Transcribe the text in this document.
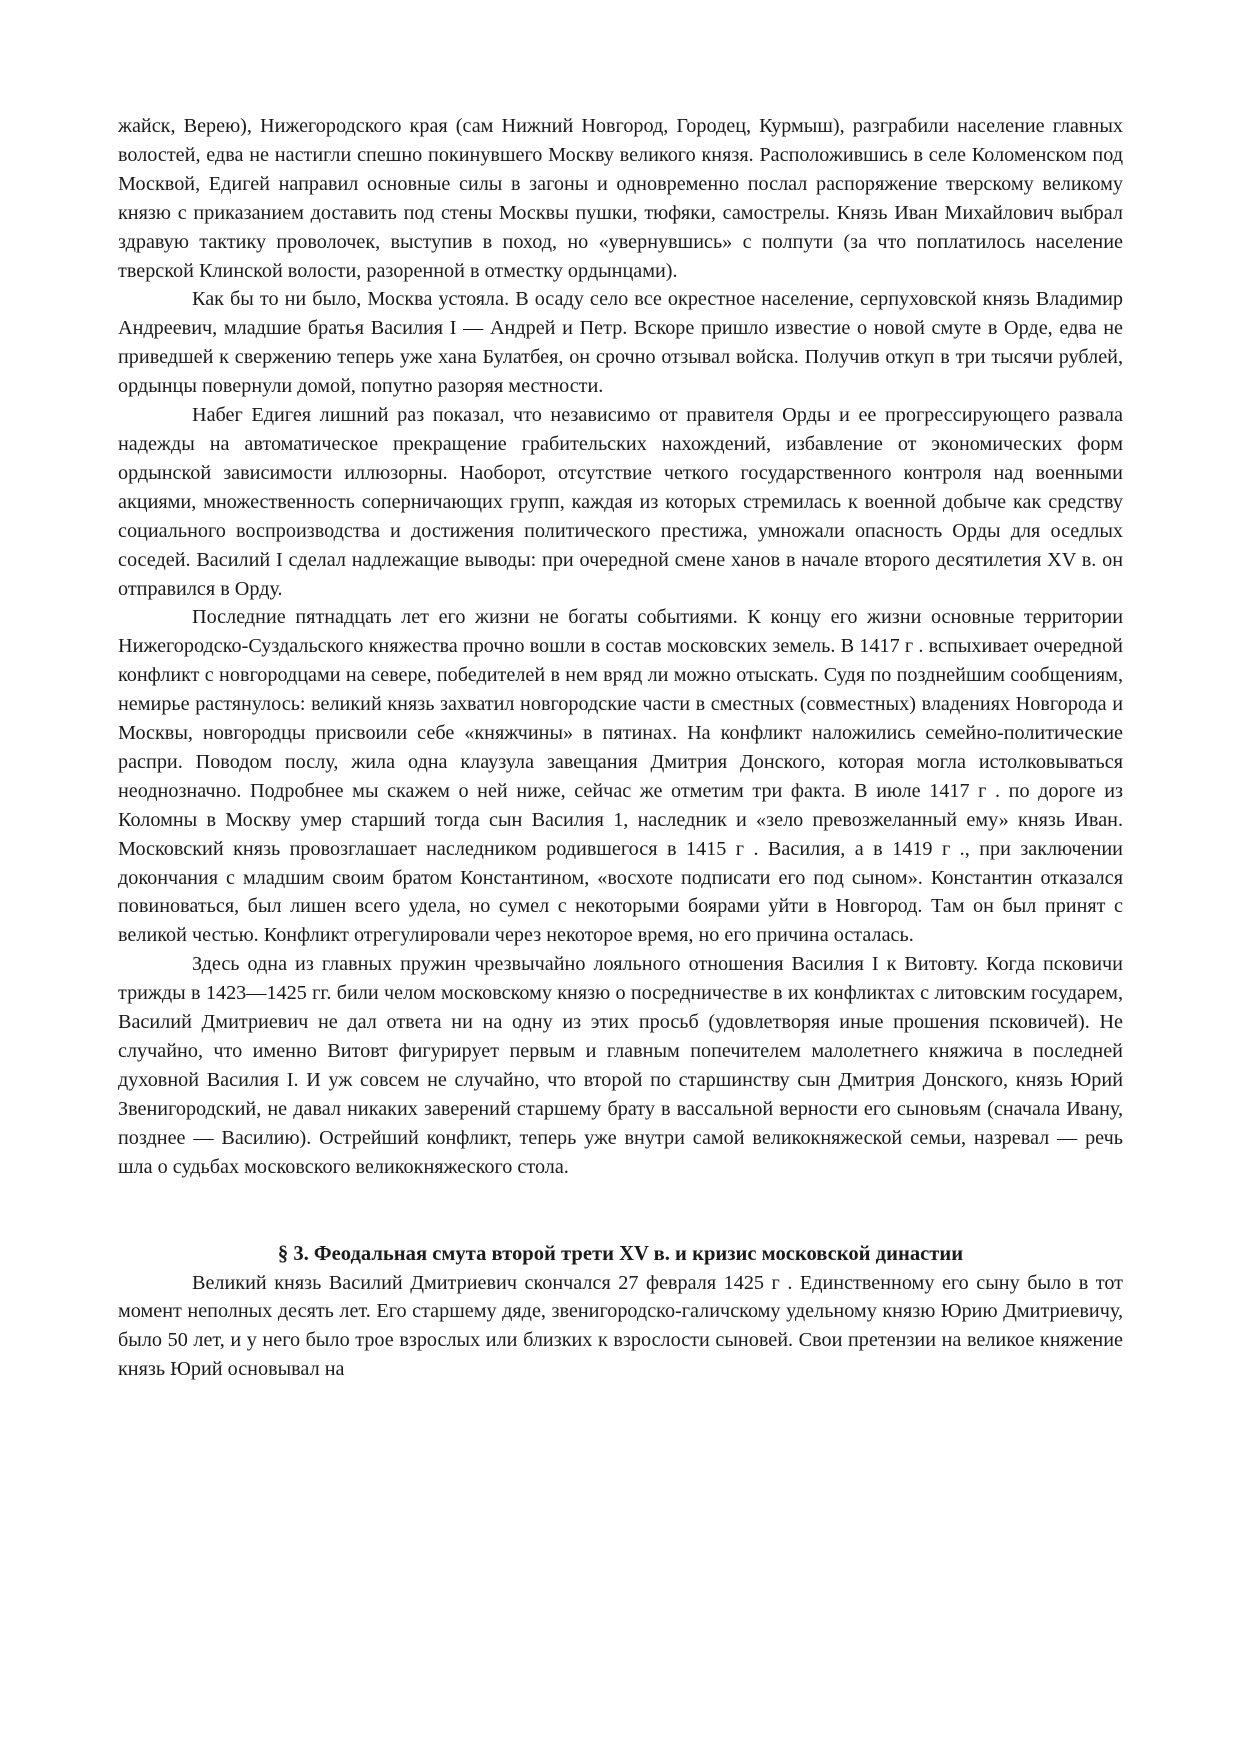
жайск, Верею), Нижегородского края (сам Нижний Новгород, Городец, Курмыш), разграбили население главных волостей, едва не настигли спешно покинувшего Москву великого князя. Расположившись в селе Коломенском под Москвой, Едигей направил основные силы в загоны и одновременно послал распоряжение тверскому великому князю с приказанием доставить под стены Москвы пушки, тюфяки, самострелы. Князь Иван Михайлович выбрал здравую тактику проволочек, выступив в поход, но «увернувшись» с полпути (за что поплатилось население тверской Клинской волости, разоренной в отместку ордынцами).

Как бы то ни было, Москва устояла. В осаду село все окрестное население, серпуховской князь Владимир Андреевич, младшие братья Василия I — Андрей и Петр. Вскоре пришло известие о новой смуте в Орде, едва не приведшей к свержению теперь уже хана Булатбея, он срочно отзывал войска. Получив откуп в три тысячи рублей, ордынцы повернули домой, попутно разоряя местности.

Набег Едигея лишний раз показал, что независимо от правителя Орды и ее прогрессирующего развала надежды на автоматическое прекращение грабительских нахождений, избавление от экономических форм ордынской зависимости иллюзорны. Наоборот, отсутствие четкого государственного контроля над военными акциями, множественность соперничающих групп, каждая из которых стремилась к военной добыче как средству социального воспроизводства и достижения политического престижа, умножали опасность Орды для оседлых соседей. Василий I сделал надлежащие выводы: при очередной смене ханов в начале второго десятилетия XV в. он отправился в Орду.

Последние пятнадцать лет его жизни не богаты событиями. К концу его жизни основные территории Нижегородско-Суздальского княжества прочно вошли в состав московских земель. В 1417 г . вспыхивает очередной конфликт с новгородцами на севере, победителей в нем вряд ли можно отыскать. Судя по позднейшим сообщениям, немирье растянулось: великий князь захватил новгородские части в сместных (совместных) владениях Новгорода и Москвы, новгородцы присвоили себе «княжчины» в пятинах. На конфликт наложились семейно-политические распри. Поводом послу, жила одна клаузула завещания Дмитрия Донского, которая могла истолковываться неоднозначно. Подробнее мы скажем о ней ниже, сейчас же отметим три факта. В июле 1417 г . по дороге из Коломны в Москву умер старший тогда сын Василия 1, наследник и «зело превозжеланный ему» князь Иван. Московский князь провозглашает наследником родившегося в 1415 г . Василия, а в 1419 г ., при заключении докончания с младшим своим братом Константином, «восхоте подписати его под сыном». Константин отказался повиноваться, был лишен всего удела, но сумел с некоторыми боярами уйти в Новгород. Там он был принят с великой честью. Конфликт отрегулировали через некоторое время, но его причина осталась.

Здесь одна из главных пружин чрезвычайно лояльного отношения Василия I к Витовту. Когда псковичи трижды в 1423—1425 гг. били челом московскому князю о посредничестве в их конфликтах с литовским государем, Василий Дмитриевич не дал ответа ни на одну из этих просьб (удовлетворяя иные прошения псковичей). Не случайно, что именно Витовт фигурирует первым и главным попечителем малолетнего княжича в последней духовной Василия I. И уж совсем не случайно, что второй по старшинству сын Дмитрия Донского, князь Юрий Звенигородский, не давал никаких заверений старшему брату в вассальной верности его сыновьям (сначала Ивану, позднее — Василию). Острейший конфликт, теперь уже внутри самой великокняжеской семьи, назревал — речь шла о судьбах московского великокняжеского стола.

§ 3. Феодальная смута второй трети XV в. и кризис московской династии

Великий князь Василий Дмитриевич скончался 27 февраля 1425 г . Единственному его сыну было в тот момент неполных десять лет. Его старшему дяде, звенигородско-галичскому удельному князю Юрию Дмитриевичу, было 50 лет, и у него было трое взрослых или близких к взрослости сыновей. Свои претензии на великое княжение князь Юрий основывал на
